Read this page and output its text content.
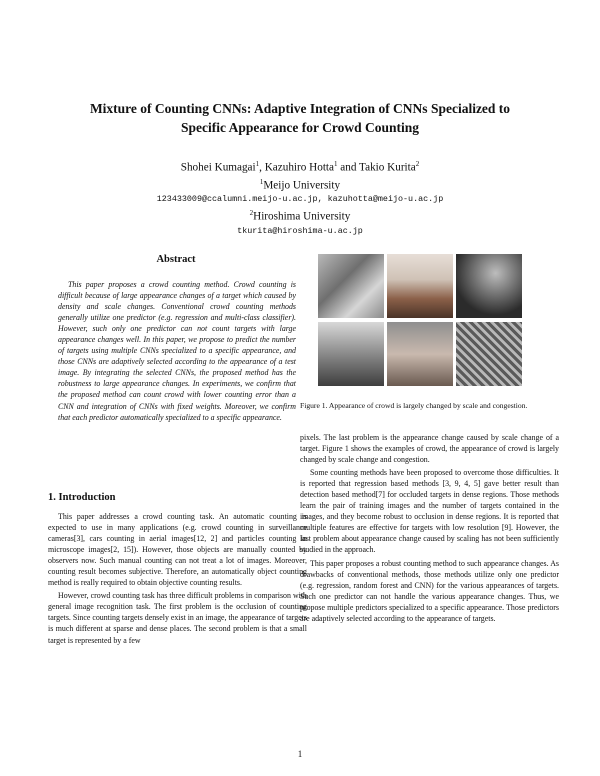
Mixture of Counting CNNs: Adaptive Integration of CNNs Specialized to
Specific Appearance for Crowd Counting
Shohei Kumagai$^1$, Kazuhiro Hotta$^1$ and Takio Kurita$^2$
$^1$Meijo University
123433009@ccalumni.meijo-u.ac.jp, kazuhotta@meijo-u.ac.jp
$^2$Hiroshima University
tkurita@hiroshima-u.ac.jp
Abstract

This paper proposes a crowd counting method. Crowd counting is difficult because of large appearance changes of a target which caused by density and scale changes. Conventional crowd counting methods generally utilize one predictor (e.g. regression and multi-class classifier). However, such only one predictor can not count targets with large appearance changes well. In this paper, we propose to predict the number of targets using multiple CNNs specialized to a specific appearance, and those CNNs are adaptively selected according to the appearance of a test image. By integrating the selected CNNs, the proposed method has the robustness to large appearance changes. In experiments, we confirm that the proposed method can count crowd with lower counting error than a CNN and integration of CNNs with fixed weights. Moreover, we confirm that each predictor automatically specialized to a specific appearance.

1. Introduction

This paper addresses a crowd counting task. An automatic counting is expected to use in many applications (e.g. crowd counting in surveillance cameras[3], cars counting in aerial images[12, 2] and particles counting in microscope images[2, 15]). However, those objects are manually counted by observers now. Such manual counting can not treat a lot of images. Moreover, counting result becomes subjective. Therefore, an automatically object counting method is really required to obtain objective counting results.

However, crowd counting task has three difficult problems in comparison with general image recognition task. The first problem is the occlusion of counting targets. Since counting targets densely exist in an image, the appearance of targets is much different at sparse and dense places. The second problem is that a small target is represented by a few

Figure 1. Appearance of crowd is largely changed by scale and congestion.

pixels. The last problem is the appearance change caused by scale change of a target. Figure 1 shows the examples of crowd, the appearance of crowd is largely changed by scale change and congestion.

Some counting methods have been proposed to overcome those difficulties. It is reported that regression based methods [3, 9, 4, 5] gave better result than detection based method[7] for occluded targets in dense regions. Those methods learn the pair of training images and the number of targets contained in the images, and they become robust to occlusion in dense regions. It is reported that multiple features are effective for targets with low resolution [9]. However, the last problem about appearance change caused by scaling has not been sufficiently studied in the approach.

This paper proposes a robust counting method to such appearance changes. As drawbacks of conventional methods, those methods utilize only one predictor (e.g. regression, random forest and CNN) for the various appearances of targets. Such one predictor can not handle the various appearance changes. Thus, we propose multiple predictors specialized to a specific appearance. Those predictors are adaptively selected according to the appearance of targets.

1
